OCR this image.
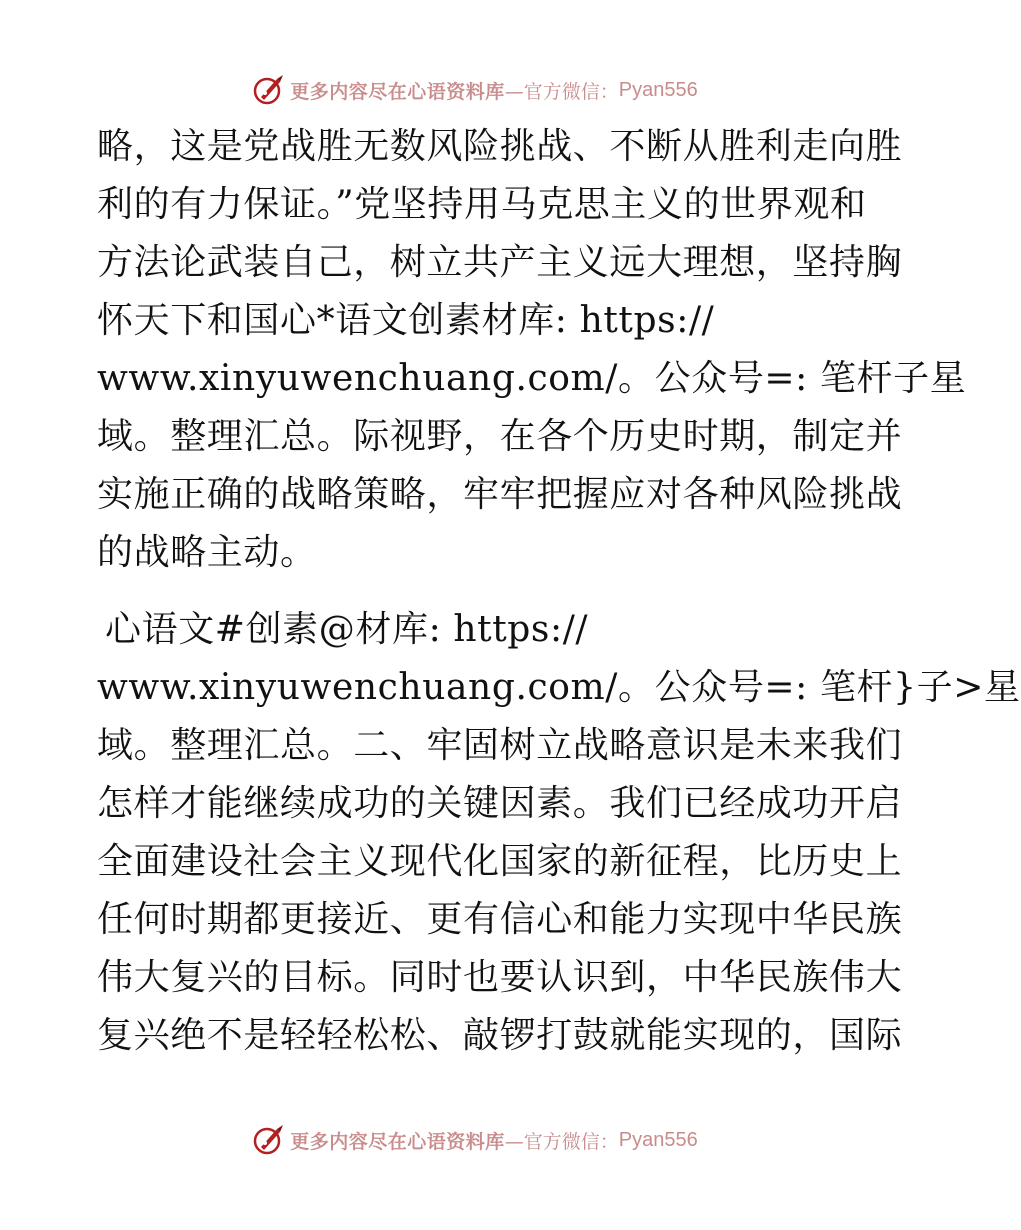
更多内容尽在心语资料库 —官方微信： Pyan556
略，这是党战胜无数风险挑战、不断从胜利走向胜
利的有力保证。”党坚持用马克思主义的世界观和
方法论武装自己，树立共产主义远大理想，坚持胸
怀天下和国心*语文创素材库: https://
www.xinyuwenchuang.com/。公众号=: 笔杆子星
域。整理汇总。际视野，在各个历史时期，制定并
实施正确的战略策略，牢牢把握应对各种风险挑战
的战略主动。
心语文#创素@材库: https://
www.xinyuwenchuang.com/。公众号=: 笔杆}子>星
域。整理汇总。二、牢固树立战略意识是未来我们
怎样才能继续成功的关键因素。我们已经成功开启
全面建设社会主义现代化国家的新征程，比历史上
任何时期都更接近、更有信心和能力实现中华民族
伟大复兴的目标。同时也要认识到，中华民族伟大
复兴绝不是轻轻松松、敲锣打鼓就能实现的，国际
更多内容尽在心语资料库 —官方微信： Pyan556
